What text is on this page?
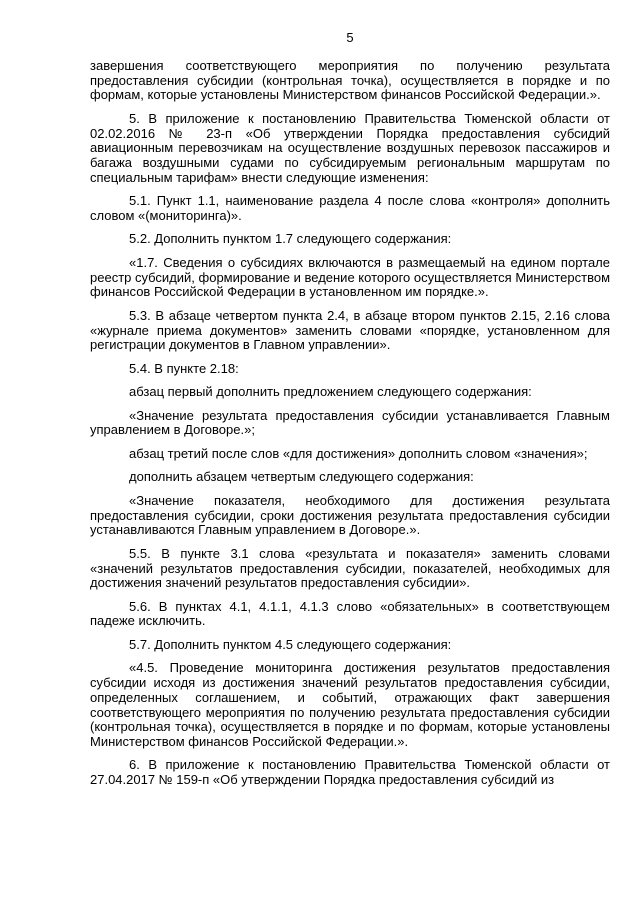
5

завершения соответствующего мероприятия по получению результата предоставления субсидии (контрольная точка), осуществляется в порядке и по формам, которые установлены Министерством финансов Российской Федерации.».

5. В приложение к постановлению Правительства Тюменской области от 02.02.2016 № 23-п «Об утверждении Порядка предоставления субсидий авиационным перевозчикам на осуществление воздушных перевозок пассажиров и багажа воздушными судами по субсидируемым региональным маршрутам по специальным тарифам» внести следующие изменения:

5.1. Пункт 1.1, наименование раздела 4 после слова «контроля» дополнить словом «(мониторинга)».

5.2. Дополнить пунктом 1.7 следующего содержания:

«1.7. Сведения о субсидиях включаются в размещаемый на едином портале реестр субсидий, формирование и ведение которого осуществляется Министерством финансов Российской Федерации в установленном им порядке.».

5.3. В абзаце четвертом пункта 2.4, в абзаце втором пунктов 2.15, 2.16 слова «журнале приема документов» заменить словами «порядке, установленном для регистрации документов в Главном управлении».

5.4. В пункте 2.18:

абзац первый дополнить предложением следующего содержания:

«Значение результата предоставления субсидии устанавливается Главным управлением в Договоре.»;

абзац третий после слов «для достижения» дополнить словом «значения»;

дополнить абзацем четвертым следующего содержания:

«Значение показателя, необходимого для достижения результата предоставления субсидии, сроки достижения результата предоставления субсидии устанавливаются Главным управлением в Договоре.».

5.5. В пункте 3.1 слова «результата и показателя» заменить словами «значений результатов предоставления субсидии, показателей, необходимых для достижения значений результатов предоставления субсидии».

5.6. В пунктах 4.1, 4.1.1, 4.1.3 слово «обязательных» в соответствующем падеже исключить.

5.7. Дополнить пунктом 4.5 следующего содержания:

«4.5. Проведение мониторинга достижения результатов предоставления субсидии исходя из достижения значений результатов предоставления субсидии, определенных соглашением, и событий, отражающих факт завершения соответствующего мероприятия по получению результата предоставления субсидии (контрольная точка), осуществляется в порядке и по формам, которые установлены Министерством финансов Российской Федерации.».

6. В приложение к постановлению Правительства Тюменской области от 27.04.2017 № 159-п «Об утверждении Порядка предоставления субсидий из
